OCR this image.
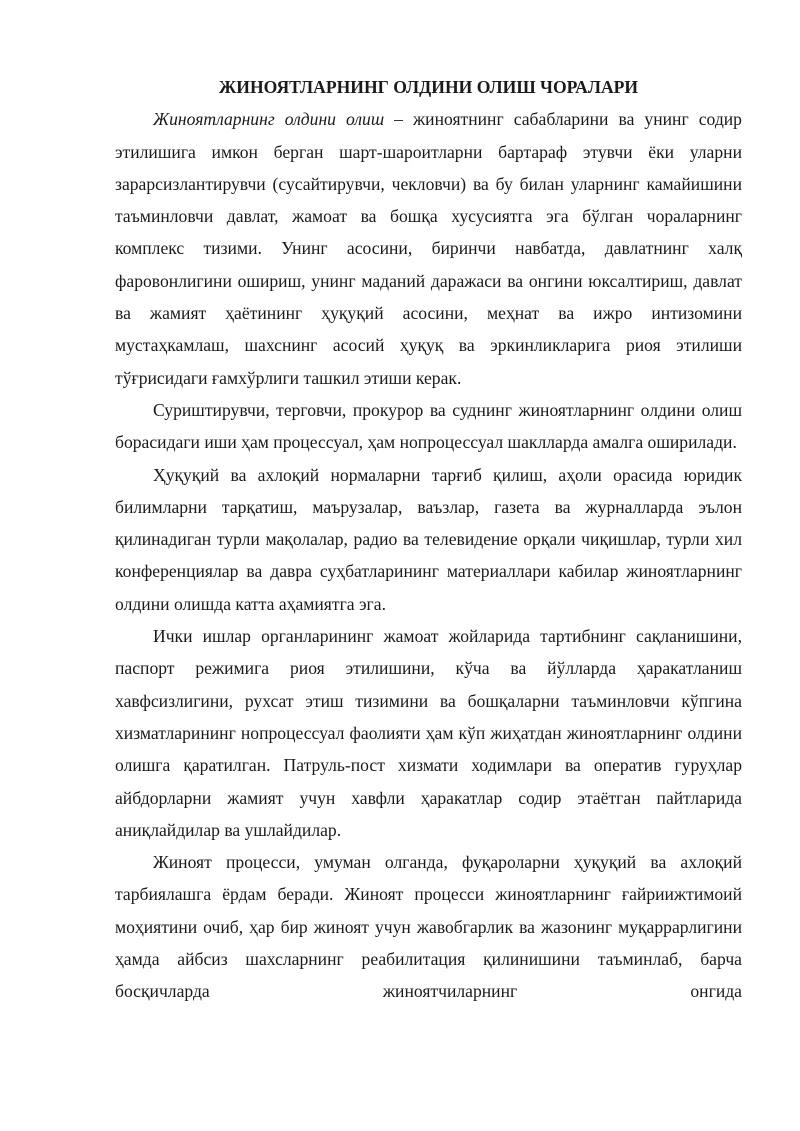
ЖИНОЯТЛАРНИНГ ОЛДИНИ ОЛИШ ЧОРАЛАРИ

Жиноятларнинг олдини олиш – жиноятнинг сабабларини ва унинг содир этилишига имкон берган шарт-шароитларни бартараф этувчи ёки уларни зарарсизлантирувчи (сусайтирувчи, чекловчи) ва бу билан уларнинг камайишини таъминловчи давлат, жамоат ва бошқа хусусиятга эга бўлган чораларнинг комплекс тизими. Унинг асосини, биринчи навбатда, давлатнинг халқ фаровонлигини ошириш, унинг маданий даражаси ва онгини юксалтириш, давлат ва жамият ҳаётининг ҳуқуқий асосини, меҳнат ва ижро интизомини мустаҳкамлаш, шахснинг асосий ҳуқуқ ва эркинликларига риоя этилиши тўғрисидаги ғамхўрлиги ташкил этиши керак.

Суриштирувчи, терговчи, прокурор ва суднинг жиноятларнинг олдини олиш борасидаги иши ҳам процессуал, ҳам нопроцессуал шаклларда амалга оширилади.

Ҳуқуқий ва ахлоқий нормаларни тарғиб қилиш, аҳоли орасида юридик билимларни тарқатиш, маърузалар, ваъзлар, газета ва журналларда эълон қилинадиган турли мақолалар, радио ва телевидение орқали чиқишлар, турли хил конференциялар ва давра суҳбатларининг материаллари кабилар жиноятларнинг олдини олишда катта аҳамиятга эга.

Ички ишлар органларининг жамоат жойларида тартибнинг сақланишини, паспорт режимига риоя этилишини, кўча ва йўлларда ҳаракатланиш хавфсизлигини, рухсат этиш тизимини ва бошқаларни таъминловчи кўпгина хизматларининг нопроцессуал фаолияти ҳам кўп жиҳатдан жиноятларнинг олдини олишга қаратилган. Патруль-пост хизмати ходимлари ва оператив гуруҳлар айбдорларни жамият учун хавфли ҳаракатлар содир этаётган пайтларида аниқлайдилар ва ушлайдилар.

Жиноят процесси, умуман олганда, фуқароларни ҳуқуқий ва ахлоқий тарбиялашга ёрдам беради. Жиноят процесси жиноятларнинг ғайриижтимоий моҳиятини очиб, ҳар бир жиноят учун жавобгарлик ва жазонинг муқаррарлигини ҳамда айбсиз шахсларнинг реабилитация қилинишини таъминлаб, барча босқичларда жиноятчиларнинг онгида
